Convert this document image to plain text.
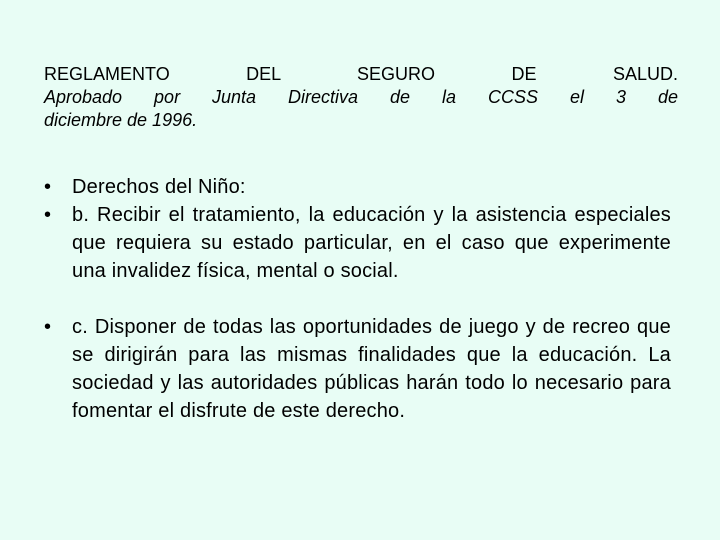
REGLAMENTO DEL SEGURO DE SALUD.
Aprobado por Junta Directiva de la CCSS el 3 de
diciembre de 1996.
•	Derechos del Niño:
•	b. Recibir el tratamiento, la educación y la asistencia especiales que requiera su estado particular, en el caso que experimente una invalidez física, mental o social.
•	c. Disponer de todas las oportunidades de juego y de recreo que se dirigirán para las mismas finalidades que la educación. La sociedad y las autoridades públicas harán todo lo necesario para fomentar el disfrute de este derecho.
